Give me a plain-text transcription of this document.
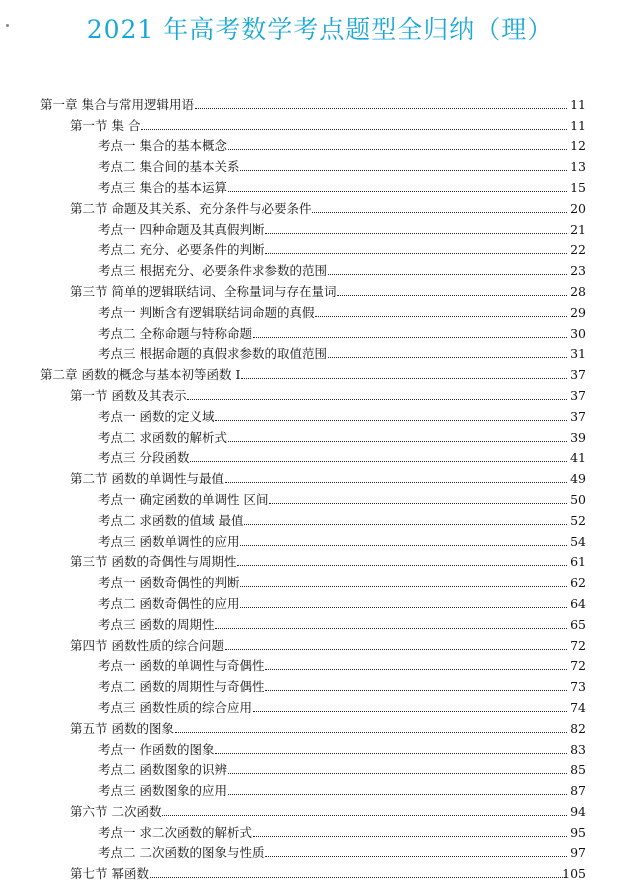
2021 年高考数学考点题型全归纳（理）
第一章 集合与常用逻辑用语	11
第一节 集 合	11
考点一 集合的基本概念	12
考点二 集合间的基本关系	13
考点三 集合的基本运算	15
第二节 命题及其关系、充分条件与必要条件	20
考点一 四种命题及其真假判断	21
考点二 充分、必要条件的判断	22
考点三 根据充分、必要条件求参数的范围	23
第三节 简单的逻辑联结词、全称量词与存在量词	28
考点一 判断含有逻辑联结词命题的真假	29
考点二 全称命题与特称命题	30
考点三 根据命题的真假求参数的取值范围	31
第二章 函数的概念与基本初等函数 I	37
第一节 函数及其表示	37
考点一 函数的定义域	37
考点二 求函数的解析式	39
考点三 分段函数	41
第二节 函数的单调性与最值	49
考点一 确定函数的单调性 区间	50
考点二 求函数的值域 最值	52
考点三 函数单调性的应用	54
第三节 函数的奇偶性与周期性	61
考点一 函数奇偶性的判断	62
考点二 函数奇偶性的应用	64
考点三 函数的周期性	65
第四节 函数性质的综合问题	72
考点一 函数的单调性与奇偶性	72
考点二 函数的周期性与奇偶性	73
考点三 函数性质的综合应用	74
第五节 函数的图象	82
考点一 作函数的图象	83
考点二 函数图象的识辨	85
考点三 函数图象的应用	87
第六节 二次函数	94
考点一 求二次函数的解析式	95
考点二 二次函数的图象与性质	97
第七节 幂函数	105
